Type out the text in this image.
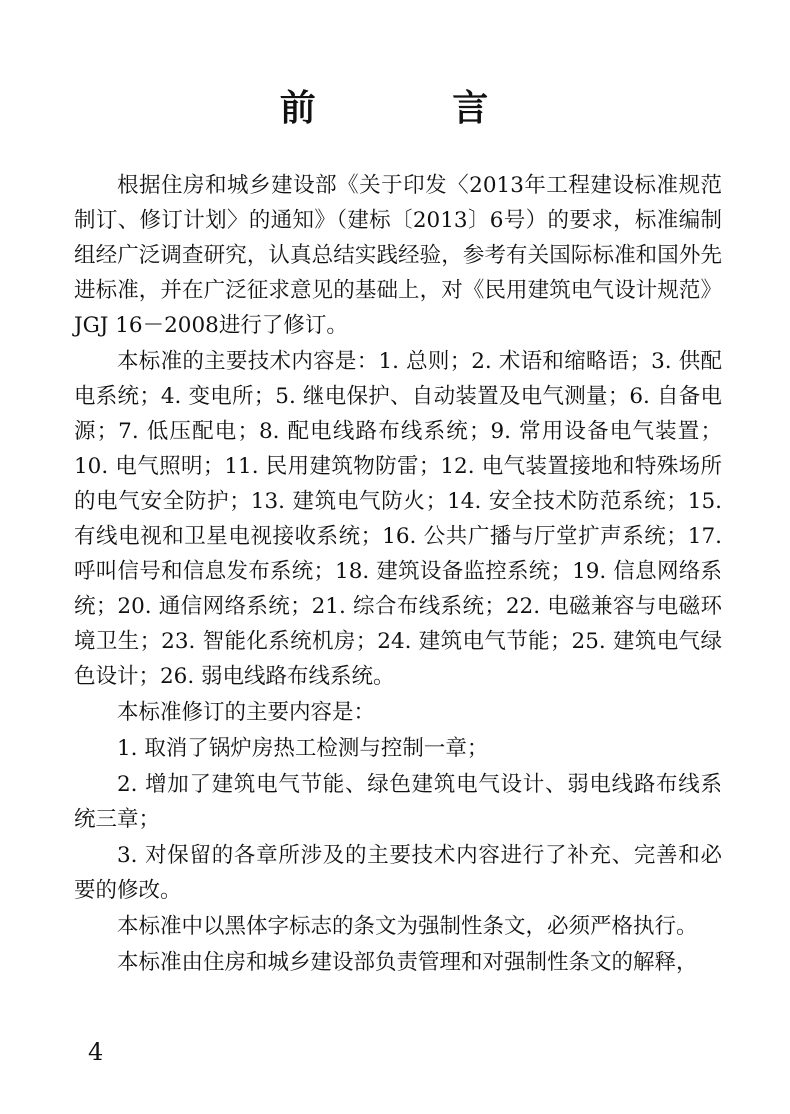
前 言

根据住房和城乡建设部《关于印发〈2013年工程建设标准规范制订、修订计划〉的通知》（建标〔2013〕6号）的要求，标准编制组经广泛调查研究，认真总结实践经验，参考有关国际标准和国外先进标准，并在广泛征求意见的基础上，对《民用建筑电气设计规范》JGJ 16－2008进行了修订。

本标准的主要技术内容是：1. 总则；2. 术语和缩略语；3. 供配电系统；4. 变电所；5. 继电保护、自动装置及电气测量；6. 自备电源；7. 低压配电；8. 配电线路布线系统；9. 常用设备电气装置；10. 电气照明；11. 民用建筑物防雷；12. 电气装置接地和特殊场所的电气安全防护；13. 建筑电气防火；14. 安全技术防范系统；15. 有线电视和卫星电视接收系统；16. 公共广播与厅堂扩声系统；17. 呼叫信号和信息发布系统；18. 建筑设备监控系统；19. 信息网络系统；20. 通信网络系统；21. 综合布线系统；22. 电磁兼容与电磁环境卫生；23. 智能化系统机房；24. 建筑电气节能；25. 建筑电气绿色设计；26. 弱电线路布线系统。

本标准修订的主要内容是：

1. 取消了锅炉房热工检测与控制一章；

2. 增加了建筑电气节能、绿色建筑电气设计、弱电线路布线系统三章；

3. 对保留的各章所涉及的主要技术内容进行了补充、完善和必要的修改。

本标准中以黑体字标志的条文为强制性条文，必须严格执行。

本标准由住房和城乡建设部负责管理和对强制性条文的解释，

4
